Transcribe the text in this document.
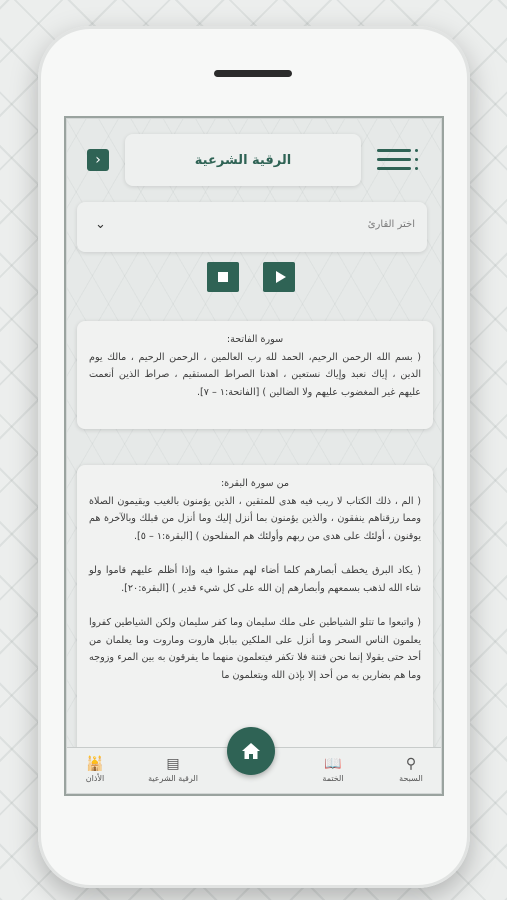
›	الرقية الشرعية
⌄	اختر القارئ
سورة الفاتحة:
( بسم الله الرحمن الرحيم، الحمد لله رب العالمين ، الرحمن الرحيم ، مالك يوم الدين ، إياك نعبد وإياك نستعين ، اهدنا الصراط المستقيم ، صراط الذين أنعمت عليهم غير المغضوب عليهم ولا الضالين ) [الفاتحة:١ – ٧].
من سورة البقرة:
( الم ، ذلك الكتاب لا ريب فيه هدى للمتقين ، الذين يؤمنون بالغيب ويقيمون الصلاة ومما رزقناهم ينفقون ، والذين يؤمنون بما أنزل إليك وما أنزل من قبلك وبالآخرة هم يوقنون ، أولئك على هدى من ربهم وأولئك هم المفلحون ) [البقرة:١ – ٥].
( يكاد البرق يخطف أبصارهم كلما أضاء لهم مشوا فيه وإذا أظلم عليهم قاموا ولو شاء الله لذهب بسمعهم وأبصارهم إن الله على كل شيء قدير ) [البقرة:٢٠].
( واتبعوا ما تتلو الشياطين على ملك سليمان وما كفر سليمان ولكن الشياطين كفروا يعلمون الناس السحر وما أنزل على الملكين ببابل هاروت وماروت وما يعلمان من أحد حتى يقولا إنما نحن فتنة فلا تكفر فيتعلمون منهما ما يفرقون به بين المرء وزوجه وما هم بضارين به من أحد إلا بإذن الله ويتعلمون ما
⚲
السبحة
📖
الختمة
▤
الرقية الشرعية
🕌
الأذان
